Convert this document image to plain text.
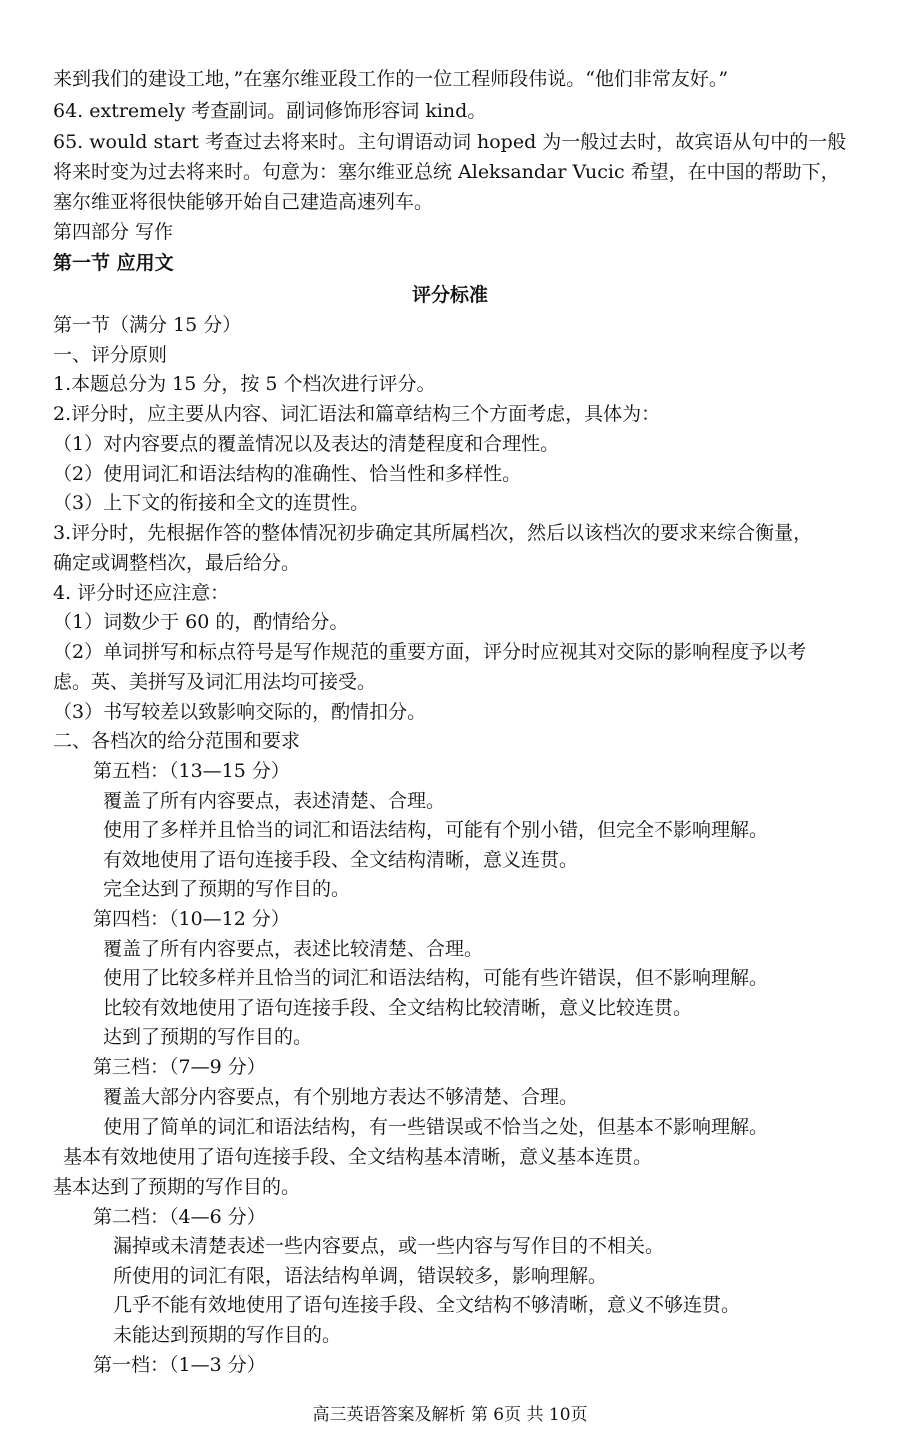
来到我们的建设工地，”在塞尔维亚段工作的一位工程师段伟说。“他们非常友好。”
64. extremely 考查副词。副词修饰形容词 kind。
65. would start 考查过去将来时。主句谓语动词 hoped 为一般过去时，故宾语从句中的一般
将来时变为过去将来时。句意为：塞尔维亚总统 Aleksandar Vucic 希望，在中国的帮助下，
塞尔维亚将很快能够开始自己建造高速列车。
第四部分 写作
第一节 应用文
评分标准
第一节（满分 15 分）
一、评分原则
1.本题总分为 15 分，按 5 个档次进行评分。
2.评分时，应主要从内容、词汇语法和篇章结构三个方面考虑，具体为：
（1）对内容要点的覆盖情况以及表达的清楚程度和合理性。
（2）使用词汇和语法结构的准确性、恰当性和多样性。
（3）上下文的衔接和全文的连贯性。
3.评分时，先根据作答的整体情况初步确定其所属档次，然后以该档次的要求来综合衡量，
确定或调整档次，最后给分。
4. 评分时还应注意：
（1）词数少于 60 的，酌情给分。
（2）单词拼写和标点符号是写作规范的重要方面，评分时应视其对交际的影响程度予以考
虑。英、美拼写及词汇用法均可接受。
（3）书写较差以致影响交际的，酌情扣分。
二、各档次的给分范围和要求
第五档：（13—15 分）
覆盖了所有内容要点，表述清楚、合理。
使用了多样并且恰当的词汇和语法结构，可能有个别小错，但完全不影响理解。
有效地使用了语句连接手段、全文结构清晰，意义连贯。
完全达到了预期的写作目的。
第四档：（10—12 分）
覆盖了所有内容要点，表述比较清楚、合理。
使用了比较多样并且恰当的词汇和语法结构，可能有些许错误，但不影响理解。
比较有效地使用了语句连接手段、全文结构比较清晰，意义比较连贯。
达到了预期的写作目的。
第三档：（7—9 分）
覆盖大部分内容要点，有个别地方表达不够清楚、合理。
使用了简单的词汇和语法结构，有一些错误或不恰当之处，但基本不影响理解。
基本有效地使用了语句连接手段、全文结构基本清晰，意义基本连贯。
基本达到了预期的写作目的。
第二档：（4—6 分）
漏掉或未清楚表述一些内容要点，或一些内容与写作目的不相关。
所使用的词汇有限，语法结构单调，错误较多，影响理解。
几乎不能有效地使用了语句连接手段、全文结构不够清晰，意义不够连贯。
未能达到预期的写作目的。
第一档：（1—3 分）
高三英语答案及解析 第 6页 共 10页
